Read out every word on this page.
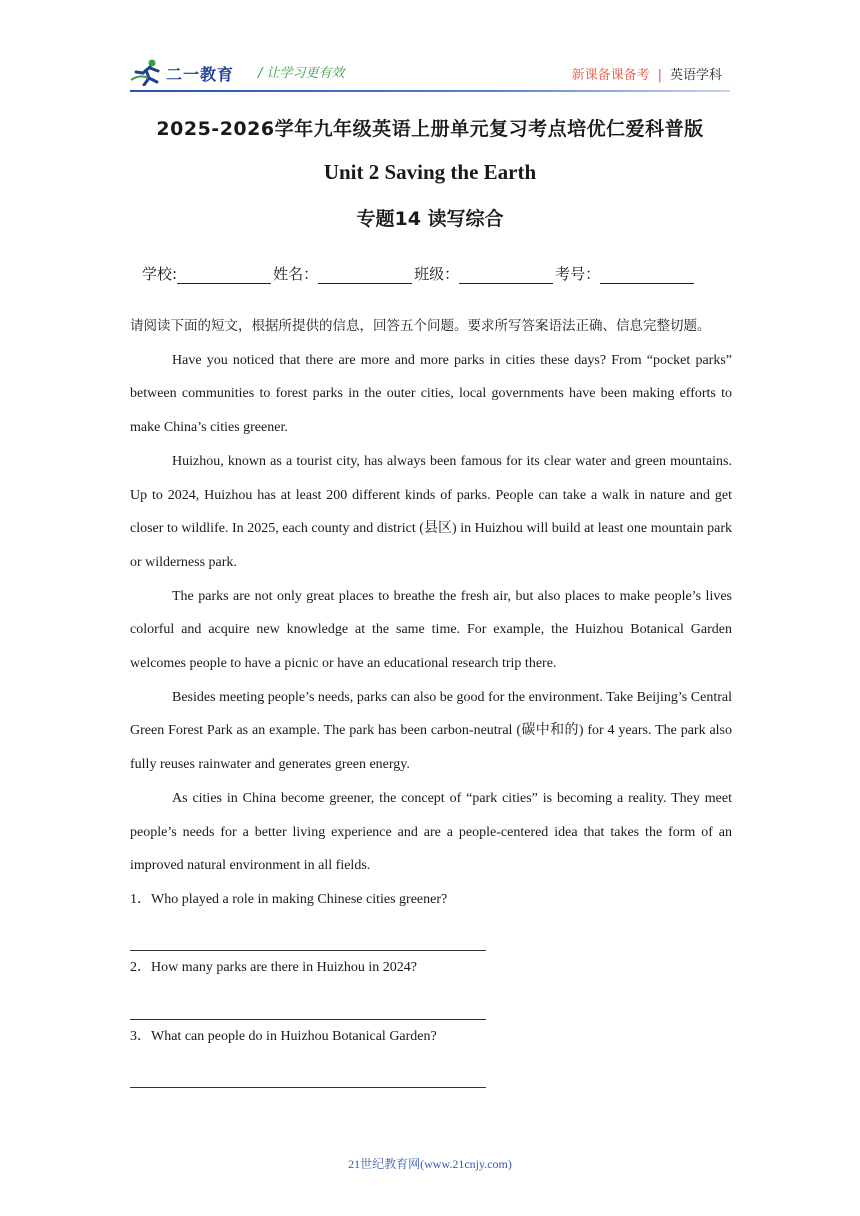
二一教育 / 让学习更有效	新课备课备考 | 英语学科
2025-2026学年九年级英语上册单元复习考点培优仁爱科普版
Unit 2 Saving the Earth
专题14 读写综合
学校:	姓名：	班级：	考号：

请阅读下面的短文，根据所提供的信息，回答五个问题。要求所写答案语法正确、信息完整切题。

Have you noticed that there are more and more parks in cities these days? From “pocket parks” between communities to forest parks in the outer cities, local governments have been making efforts to make China’s cities greener.

Huizhou, known as a tourist city, has always been famous for its clear water and green mountains. Up to 2024, Huizhou has at least 200 different kinds of parks. People can take a walk in nature and get closer to wildlife. In 2025, each county and district (县区) in Huizhou will build at least one mountain park or wilderness park.

The parks are not only great places to breathe the fresh air, but also places to make people’s lives colorful and acquire new knowledge at the same time. For example, the Huizhou Botanical Garden welcomes people to have a picnic or have an educational research trip there.

Besides meeting people’s needs, parks can also be good for the environment. Take Beijing’s Central Green Forest Park as an example. The park has been carbon-neutral (碳中和的) for 4 years. The park also fully reuses rainwater and generates green energy.

As cities in China become greener, the concept of “park cities” is becoming a reality. They meet people’s needs for a better living experience and are a people-centered idea that takes the form of an improved natural environment in all fields.

1．Who played a role in making Chinese cities greener?

2．How many parks are there in Huizhou in 2024?

3．What can people do in Huizhou Botanical Garden?

21世纪教育网(www.21cnjy.com)
